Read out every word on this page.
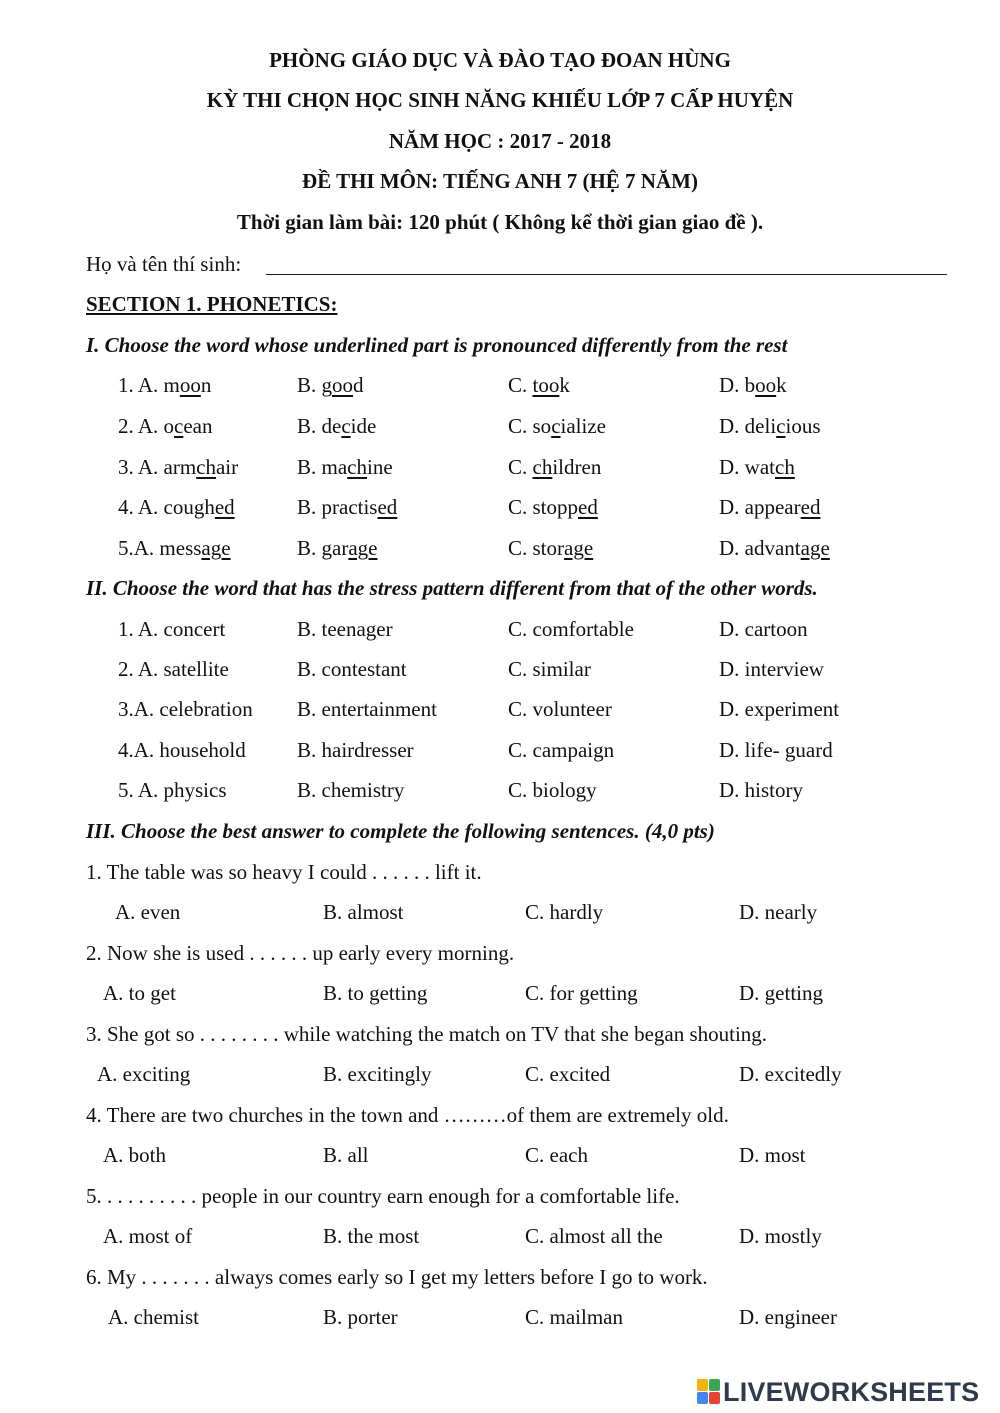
PHÒNG GIÁO DỤC VÀ ĐÀO TẠO ĐOAN HÙNG
KỲ THI CHỌN HỌC SINH NĂNG KHIẾU LỚP 7 CẤP HUYỆN
NĂM HỌC : 2017 - 2018
ĐỀ THI MÔN: TIẾNG ANH 7 (HỆ 7 NĂM)
Thời gian làm bài: 120 phút ( Không kể thời gian giao đề ).
Họ và tên thí sinh:
SECTION 1. PHONETICS:
I. Choose the word whose underlined part is pronounced differently from the rest
1. A. moon	B. good	C. took	D. book
2. A. ocean	B. decide	C. socialize	D. delicious
3. A. armchair	B. machine	C. children	D. watch
4. A. coughed	B. practised	C. stopped	D. appeared
5.A. message	B. garage	C. storage	D. advantage
II. Choose the word that has the stress pattern different from that of the other words.
1. A. concert	B. teenager	C. comfortable	D. cartoon
2. A. satellite	B. contestant	C. similar	D. interview
3.A. celebration B. entertainment	C. volunteer	D. experiment
4.A. household B. hairdresser	C. campaign	D. life- guard
5. A. physics	B. chemistry	C. biology	D. history
III. Choose the best answer to complete the following sentences. (4,0 pts)
1. The table was so heavy I could . . . . . . lift it.
A. even	B. almost	C. hardly	D. nearly
2. Now she is used . . . . . . up early every morning.
A. to get	B. to getting	C. for getting	D. getting
3. She got so . . . . . . . . while watching the match on TV that she began shouting.
A. exciting	B. excitingly	C. excited	D. excitedly
4. There are two churches in the town and ………of them are extremely old.
A. both	B. all	C. each	D. most
5. . . . . . . . . . people in our country earn enough for a comfortable life.
A. most of	B. the most	C. almost all the	D. mostly
6. My . . . . . . . always comes early so I get my letters before I go to work.
A. chemist	B. porter	C. mailman	D. engineer
LIVEWORKSHEETS
